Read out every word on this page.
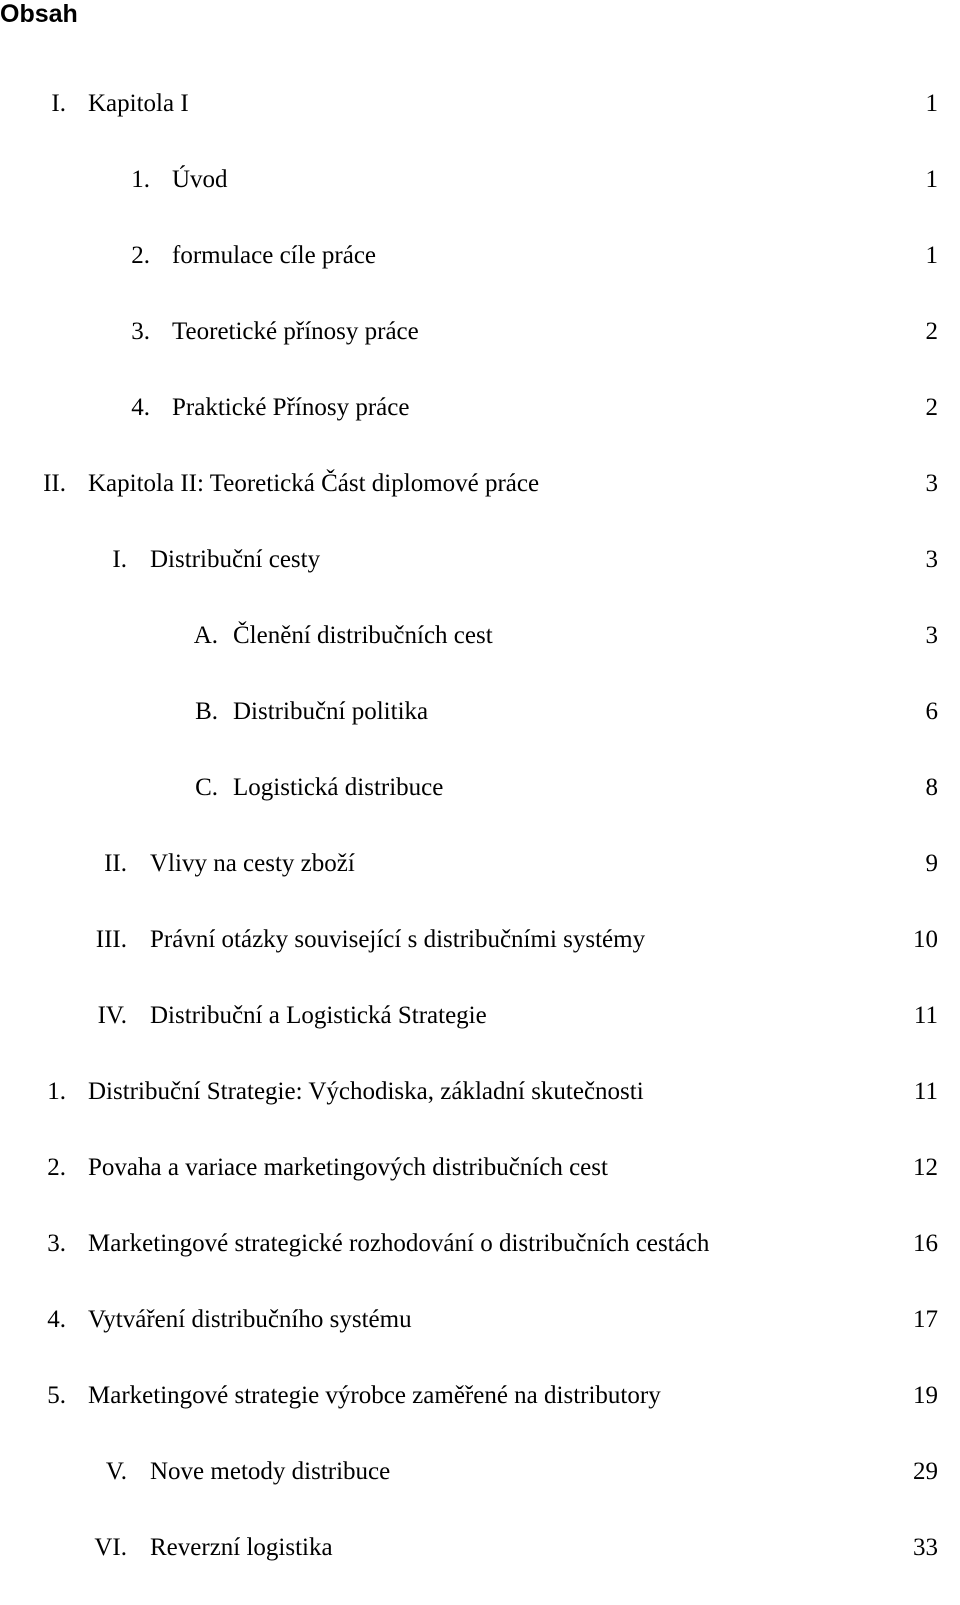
Obsah
I. Kapitola I	1
1. Úvod	1
2. formulace cíle práce	1
3. Teoretické přínosy práce	2
4. Praktické Přínosy práce	2
II. Kapitola II: Teoretická Část diplomové práce	3
I. Distribuční cesty	3
A. Členění distribučních cest	3
B. Distribuční politika	6
C. Logistická distribuce	8
II. Vlivy na cesty zboží	9
III. Právní otázky související s distribučními systémy	10
IV. Distribuční a Logistická Strategie	11
1. Distribuční Strategie: Východiska, základní skutečnosti	11
2. Povaha a variace marketingových distribučních cest	12
3. Marketingové strategické rozhodování o distribučních cestách	16
4. Vytváření distribučního systému	17
5. Marketingové strategie výrobce zaměřené na distributory	19
V. Nove metody distribuce	29
VI. Reverzní logistika	33
